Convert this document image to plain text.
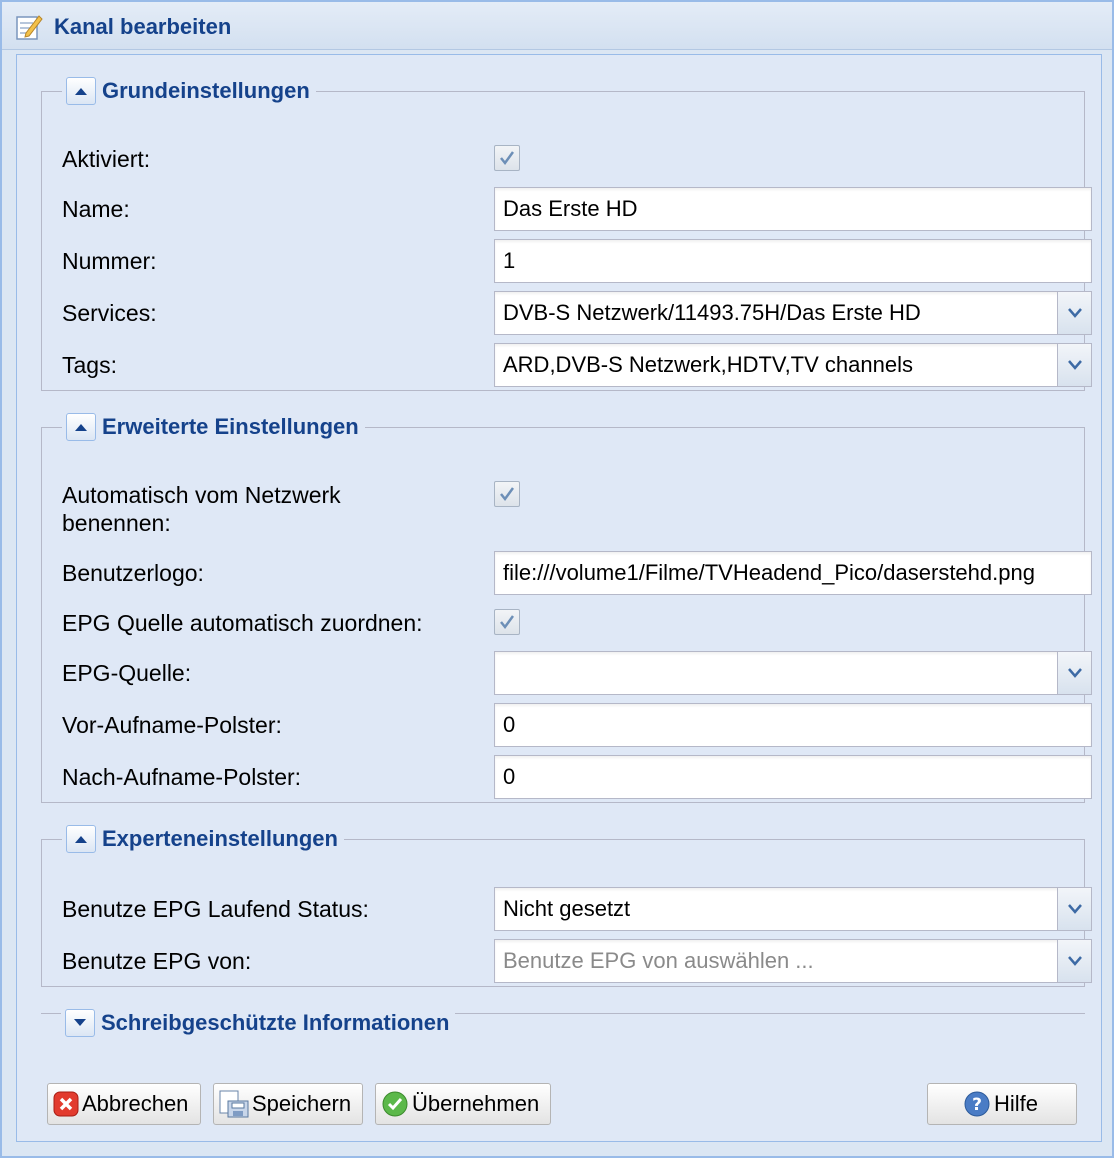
Kanal bearbeiten
Grundeinstellungen
Aktiviert:
Name:	Das Erste HD
Nummer:	1
Services:	DVB-S Netzwerk/11493.75H/Das Erste HD
Tags:	ARD,DVB-S Netzwerk,HDTV,TV channels
Erweiterte Einstellungen
Automatisch vom Netzwerk benennen:
Benutzerlogo:	file:///volume1/Filme/TVHeadend_Pico/daserstehd.png
EPG Quelle automatisch zuordnen:
EPG-Quelle:
Vor-Aufname-Polster:	0
Nach-Aufname-Polster:	0
Experteneinstellungen
Benutze EPG Laufend Status:	Nicht gesetzt
Benutze EPG von:	Benutze EPG von auswählen ...
Schreibgeschützte Informationen
Abbrechen	Speichern	Übernehmen	? Hilfe
